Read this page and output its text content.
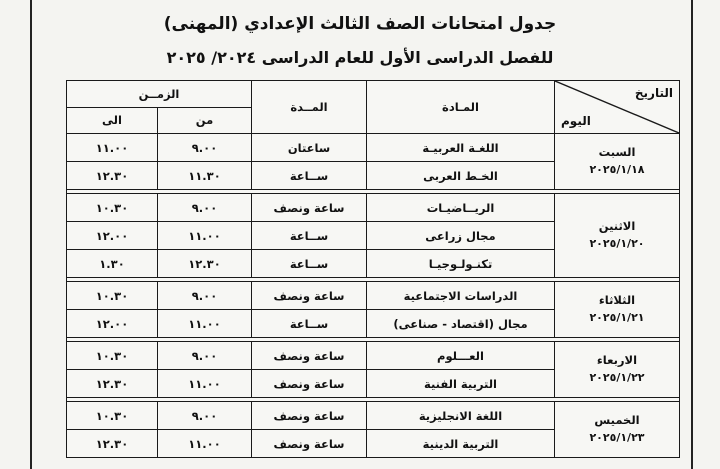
جدول امتحانات الصف الثالث الإعدادي (المهنى)
للفصل الدراسى الأول للعام الدراسى ٢٠٢٤/ ٢٠٢٥
التاريخ
اليوم	المـادة	المــدة	الزمــن	
			من	الى

السبت
٢٠٢٥/١/١٨	اللغـة العربيـة	ساعتان	٩.٠٠	١١.٠٠
	الخـط العربى	ســاعة	١١.٣٠	١٢.٣٠

الاثنين
٢٠٢٥/١/٢٠	الريــاضيـات	ساعة ونصف	٩.٠٠	١٠.٣٠
	مجال زراعى	ســاعة	١١.٠٠	١٢.٠٠
	تكنـولـوجيـا	ســاعة	١٢.٣٠	١.٣٠

الثلاثاء
٢٠٢٥/١/٢١	الدراسات الاجتماعية	ساعة ونصف	٩.٠٠	١٠.٣٠
	مجال (اقتصاد - صناعى)	ســاعة	١١.٠٠	١٢.٠٠

الاربعاء
٢٠٢٥/١/٢٢	العـــلوم	ساعة ونصف	٩.٠٠	١٠.٣٠
	التربية الفنية	ساعة ونصف	١١.٠٠	١٢.٣٠

الخميس
٢٠٢٥/١/٢٣	اللغة الانجليزية	ساعة ونصف	٩.٠٠	١٠.٣٠
	التربية الدينية	ساعة ونصف	١١.٠٠	١٢.٣٠
